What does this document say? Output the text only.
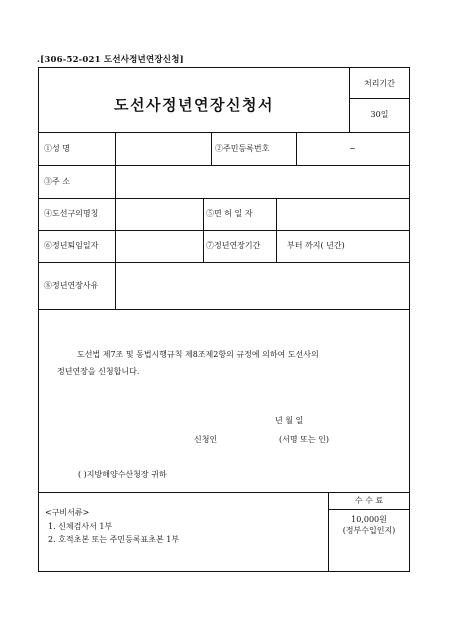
.[306-52-021 도선사정년연장신청]
도선사정년연장신청서
처리기간
30일
①성 명	②주민등록번호	~
③주 소
④도선구의명칭	⑤면 허 일 자
⑥정년퇴임일자	⑦정년연장기간	부터 까지( 년간)
⑧정년연장사유
도선법 제7조 및 동법시행규칙 제8조제2항의 규정에 의하여 도선사의
정년연장을 신청합니다.
년 월 일
신청인	(서명 또는 인)
( )지방해양수산청장 귀하
수 수 료
10,000원
(정부수입인지)
<구비서류>
1. 신체검사서 1부
2. 호적초본 또는 주민등록표초본 1부
